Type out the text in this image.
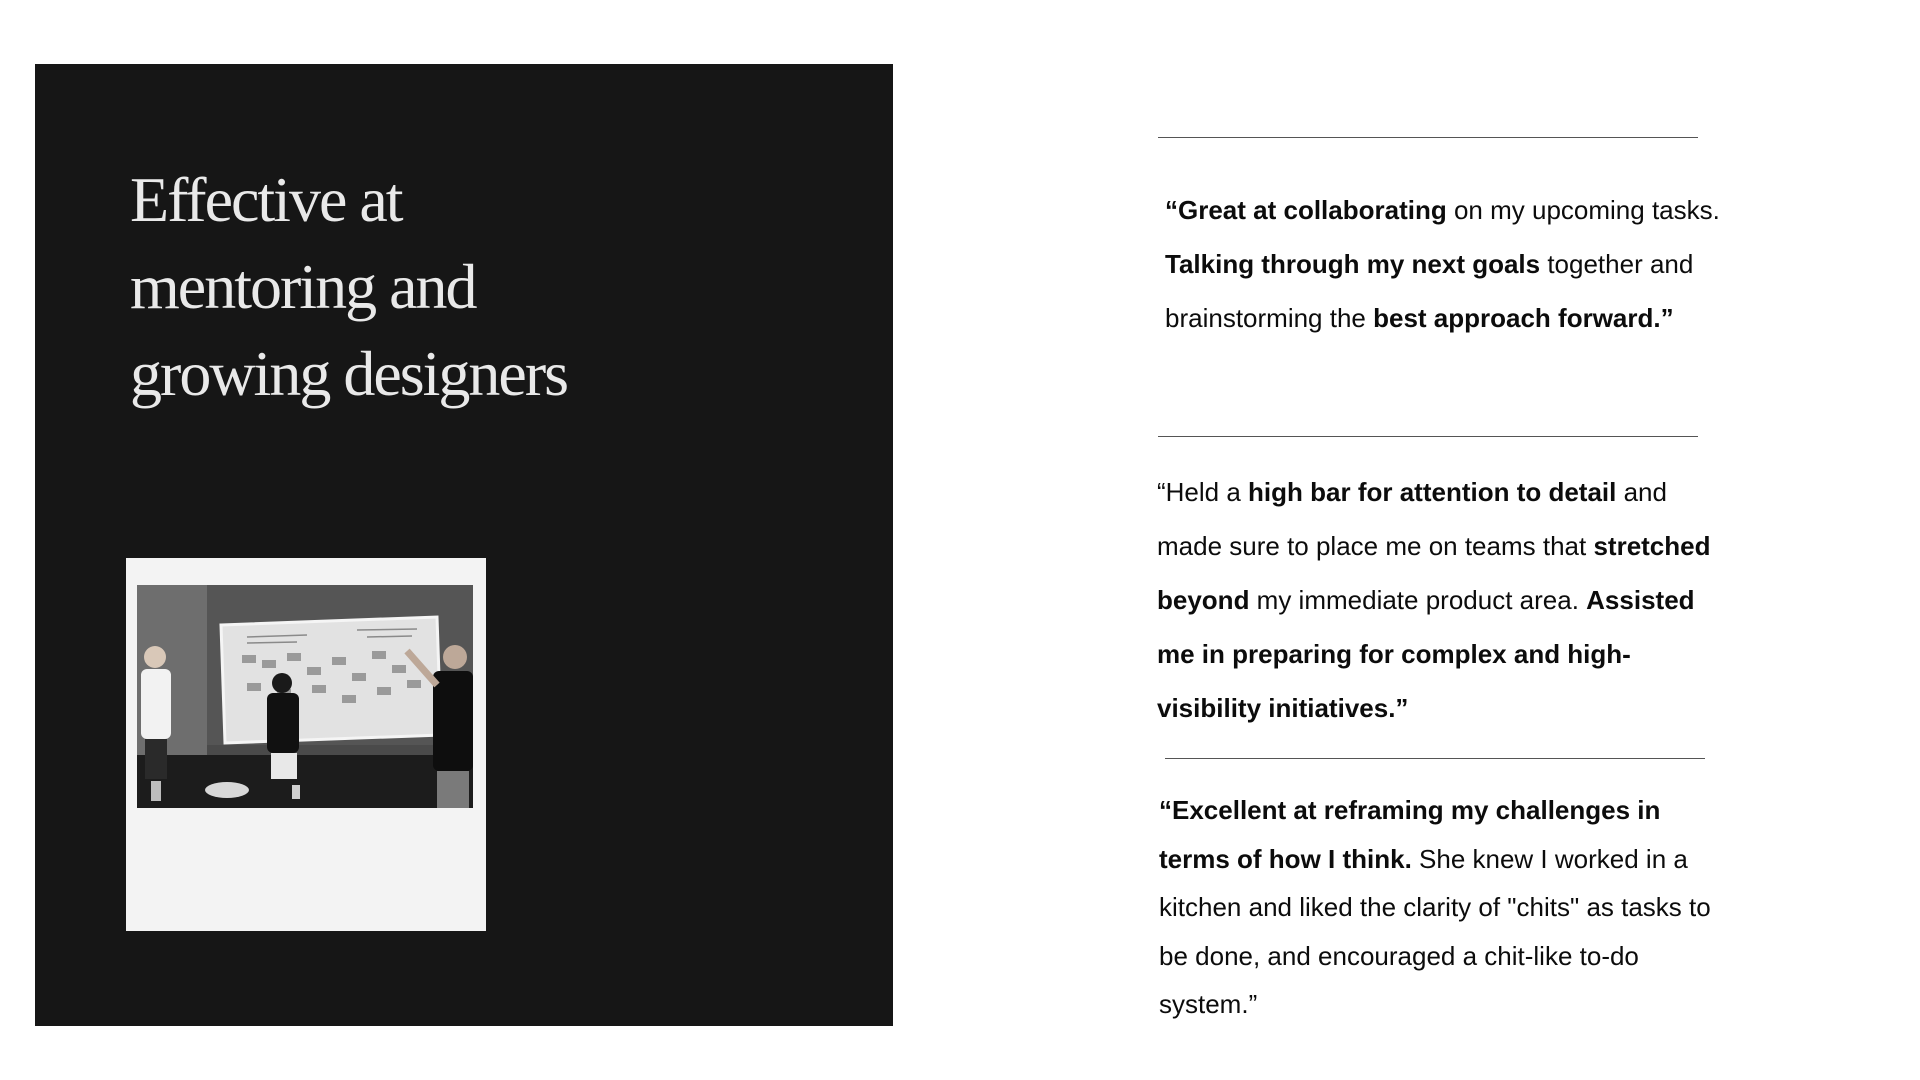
Effective at mentoring and growing designers
“Great at collaborating on my upcoming tasks. Talking through my next goals together and brainstorming the best approach forward.”
“Held a high bar for attention to detail and made sure to place me on teams that stretched beyond my immediate product area. Assisted me in preparing for complex and high-visibility initiatives.”
“Excellent at reframing my challenges in terms of how I think. She knew I worked in a kitchen and liked the clarity of "chits" as tasks to be done, and encouraged a chit-like to-do system.”
